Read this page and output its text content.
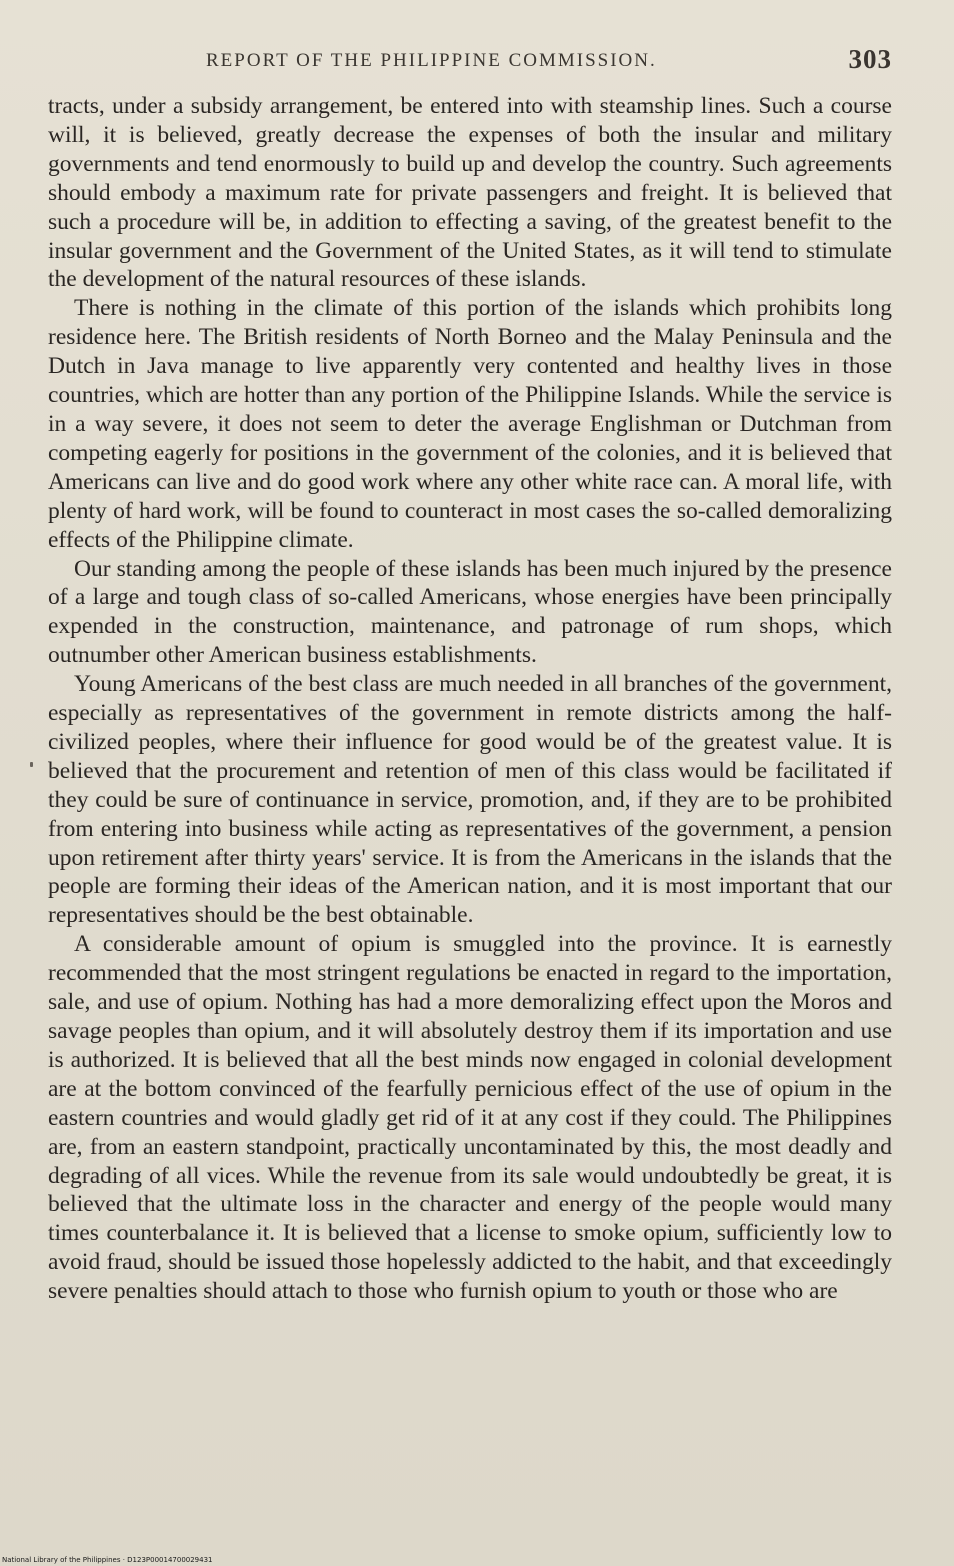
REPORT OF THE PHILIPPINE COMMISSION.	303

tracts, under a subsidy arrangement, be entered into with steamship lines. Such a course will, it is believed, greatly decrease the expenses of both the insular and military governments and tend enormously to build up and develop the country. Such agreements should embody a maximum rate for private passengers and freight. It is believed that such a procedure will be, in addition to effecting a saving, of the greatest benefit to the insular government and the Government of the United States, as it will tend to stimulate the development of the natural resources of these islands.

There is nothing in the climate of this portion of the islands which prohibits long residence here. The British residents of North Borneo and the Malay Peninsula and the Dutch in Java manage to live apparently very contented and healthy lives in those countries, which are hotter than any portion of the Philippine Islands. While the service is in a way severe, it does not seem to deter the average Englishman or Dutchman from competing eagerly for positions in the government of the colonies, and it is believed that Americans can live and do good work where any other white race can. A moral life, with plenty of hard work, will be found to counteract in most cases the so-called demoralizing effects of the Philippine climate.

Our standing among the people of these islands has been much injured by the presence of a large and tough class of so-called Americans, whose energies have been principally expended in the construction, maintenance, and patronage of rum shops, which outnumber other American business establishments.

Young Americans of the best class are much needed in all branches of the government, especially as representatives of the government in remote districts among the half-civilized peoples, where their influence for good would be of the greatest value. It is believed that the procurement and retention of men of this class would be facilitated if they could be sure of continuance in service, promotion, and, if they are to be prohibited from entering into business while acting as representatives of the government, a pension upon retirement after thirty years' service. It is from the Americans in the islands that the people are forming their ideas of the American nation, and it is most important that our representatives should be the best obtainable.

A considerable amount of opium is smuggled into the province. It is earnestly recommended that the most stringent regulations be enacted in regard to the importation, sale, and use of opium. Nothing has had a more demoralizing effect upon the Moros and savage peoples than opium, and it will absolutely destroy them if its importation and use is authorized. It is believed that all the best minds now engaged in colonial development are at the bottom convinced of the fearfully pernicious effect of the use of opium in the eastern countries and would gladly get rid of it at any cost if they could. The Philippines are, from an eastern standpoint, practically uncontaminated by this, the most deadly and degrading of all vices. While the revenue from its sale would undoubtedly be great, it is believed that the ultimate loss in the character and energy of the people would many times counterbalance it. It is believed that a license to smoke opium, sufficiently low to avoid fraud, should be issued those hopelessly addicted to the habit, and that exceedingly severe penalties should attach to those who furnish opium to youth or those who are

National Library of the Philippines · D123P00014700029431
